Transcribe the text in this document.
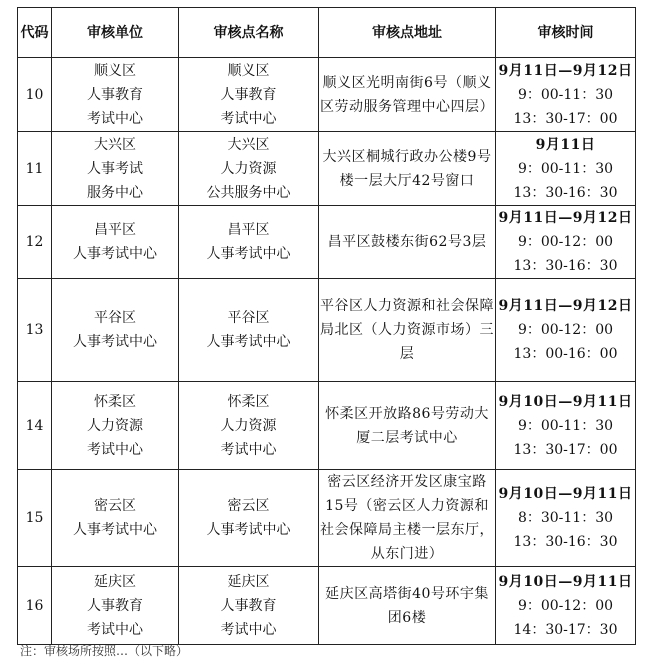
代码	审核单位	审核点名称	审核点地址	审核时间
10	顺义区
人事教育
考试中心	顺义区
人事教育
考试中心	顺义区光明南街6号（顺义区劳动服务管理中心四层）	9月11日—9月12日
9：00-11：30
13：30-17：00

11	大兴区
人事考试
服务中心	大兴区
人力资源
公共服务中心	大兴区桐城行政办公楼9号楼一层大厅42号窗口	9月11日
9：00-11：30
13：30-16：30

12	昌平区
人事考试中心	昌平区
人事考试中心	昌平区鼓楼东街62号3层	9月11日—9月12日
9：00-12：00
13：30-16：30

13	平谷区
人事考试中心	平谷区
人事考试中心	平谷区人力资源和社会保障局北区（人力资源市场）三层	9月11日—9月12日
9：00-12：00
13：00-16：00

14	怀柔区
人力资源
考试中心	怀柔区
人力资源
考试中心	怀柔区开放路86号劳动大厦二层考试中心	9月10日—9月11日
9：00-11：30
13：30-17：00

15	密云区
人事考试中心	密云区
人事考试中心	密云区经济开发区康宝路15号（密云区人力资源和社会保障局主楼一层东厅，从东门进）	9月10日—9月11日
8：30-11：30
13：30-16：30

16	延庆区
人事教育
考试中心	延庆区
人事教育
考试中心	延庆区高塔街40号环宇集团6楼	9月10日—9月11日
9：00-12：00
14：30-17：30
注：审核场所按照…（以下略）
